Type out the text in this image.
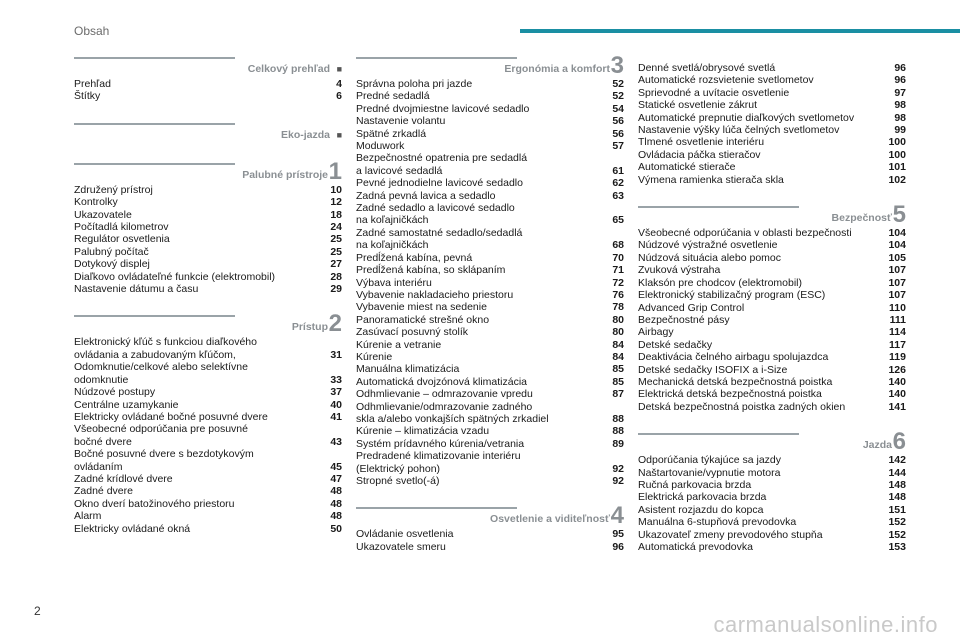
Obsah
Celkový prehľad ■
Prehľad	4
Štítky	6
Eko-jazda ■
Palubné prístroje 1
Združený prístroj	10
Kontrolky	12
Ukazovatele	18
Počítadlá kilometrov	24
Regulátor osvetlenia	25
Palubný počítač	25
Dotykový displej	27
Diaľkovo ovládateľné funkcie (elektromobil)	28
Nastavenie dátumu a času	29
Prístup 2
Elektronický kľúč s funkciou diaľkového
ovládania a zabudovaným kľúčom,	31
Odomknutie/celkové alebo selektívne
odomknutie	33
Núdzové postupy	37
Centrálne uzamykanie	40
Elektricky ovládané bočné posuvné dvere	41
Všeobecné odporúčania pre posuvné
bočné dvere	43
Bočné posuvné dvere s bezdotykovým
ovládaním	45
Zadné krídlové dvere	47
Zadné dvere	48
Okno dverí batožinového priestoru	48
Alarm	48
Elektricky ovládané okná	50
Ergonómia a komfort 3
Správna poloha pri jazde	52
Predné sedadlá	52
Predné dvojmiestne lavicové sedadlo	54
Nastavenie volantu	56
Spätné zrkadlá	56
Moduwork	57
Bezpečnostné opatrenia pre sedadlá
a lavicové sedadlá	61
Pevné jednodielne lavicové sedadlo	62
Zadná pevná lavica a sedadlo	63
Zadné sedadlo a lavicové sedadlo
na koľajničkách	65
Zadné samostatné sedadlo/sedadlá
na koľajničkách	68
Predĺžená kabína, pevná	70
Predĺžená kabína, so sklápaním	71
Výbava interiéru	72
Vybavenie nakladacieho priestoru	76
Vybavenie miest na sedenie	78
Panoramatické strešné okno	80
Zasúvací posuvný stolík	80
Kúrenie a vetranie	84
Kúrenie	84
Manuálna klimatizácia	85
Automatická dvojzónová klimatizácia	85
Odhmlievanie – odmrazovanie vpredu	87
Odhmlievanie/odmrazovanie zadného
skla a/alebo vonkajších spätných zrkadiel	88
Kúrenie – klimatizácia vzadu	88
Systém prídavného kúrenia/vetrania	89
Predradené klimatizovanie interiéru
(Elektrický pohon)	92
Stropné svetlo(-á)	92
Osvetlenie a viditeľnosť 4
Ovládanie osvetlenia	95
Ukazovatele smeru	96
Denné svetlá/obrysové svetlá	96
Automatické rozsvietenie svetlometov	96
Sprievodné a uvítacie osvetlenie	97
Statické osvetlenie zákrut	98
Automatické prepnutie diaľkových svetlometov	98
Nastavenie výšky lúča čelných svetlometov	99
Tlmené osvetlenie interiéru	100
Ovládacia páčka stieračov	100
Automatické stierače	101
Výmena ramienka stierača skla	102
Bezpečnosť 5
Všeobecné odporúčania v oblasti bezpečnosti	104
Núdzové výstražné osvetlenie	104
Núdzová situácia alebo pomoc	105
Zvuková výstraha	107
Klaksón pre chodcov (elektromobil)	107
Elektronický stabilizačný program (ESC)	107
Advanced Grip Control	110
Bezpečnostné pásy	111
Airbagy	114
Detské sedačky	117
Deaktivácia čelného airbagu spolujazdca	119
Detské sedačky ISOFIX a i-Size	126
Mechanická detská bezpečnostná poistka	140
Elektrická detská bezpečnostná poistka	140
Detská bezpečnostná poistka zadných okien	141
Jazda 6
Odporúčania týkajúce sa jazdy	142
Naštartovanie/vypnutie motora	144
Ručná parkovacia brzda	148
Elektrická parkovacia brzda	148
Asistent rozjazdu do kopca	151
Manuálna 6-stupňová prevodovka	152
Ukazovateľ zmeny prevodového stupňa	152
Automatická prevodovka	153
2
carmanualsonline.info
